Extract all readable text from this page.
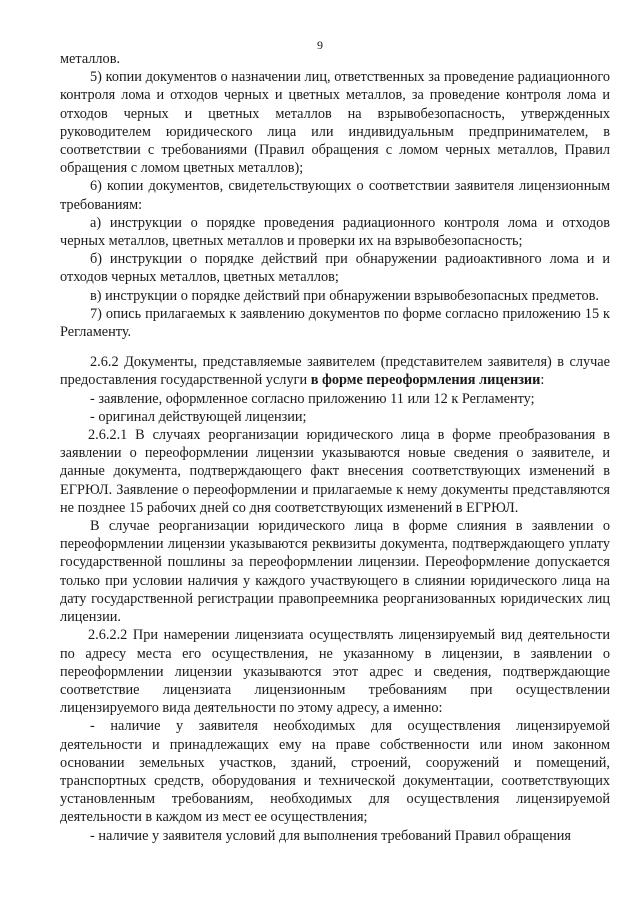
9

металлов.

5) копии документов о назначении лиц, ответственных за проведение радиационного контроля лома и отходов черных и цветных металлов, за проведение контроля лома и отходов черных и цветных металлов на взрывобезопасность, утвержденных руководителем юридического лица или индивидуальным предпринимателем, в соответствии с требованиями (Правил обращения с ломом черных металлов, Правил обращения с ломом цветных металлов);

6) копии документов, свидетельствующих о соответствии заявителя лицензионным требованиям:

а) инструкции о порядке проведения радиационного контроля лома и отходов черных металлов, цветных металлов и проверки их на взрывобезопасность;

б) инструкции о порядке действий при обнаружении радиоактивного лома и и отходов черных металлов, цветных металлов;

в) инструкции о порядке действий при обнаружении взрывобезопасных предметов.

7) опись прилагаемых к заявлению документов по форме согласно приложению 15 к Регламенту.

2.6.2 Документы, представляемые заявителем (представителем заявителя) в случае предоставления государственной услуги в форме переоформления лицензии:

- заявление, оформленное согласно приложению 11 или 12 к Регламенту;

- оригинал действующей лицензии;

2.6.2.1 В случаях реорганизации юридического лица в форме преобразования в заявлении о переоформлении лицензии указываются новые сведения о заявителе, и данные документа, подтверждающего факт внесения соответствующих изменений в ЕГРЮЛ. Заявление о переоформлении и прилагаемые к нему документы представляются не позднее 15 рабочих дней со дня соответствующих изменений в ЕГРЮЛ.

В случае реорганизации юридического лица в форме слияния в заявлении о переоформлении лицензии указываются реквизиты документа, подтверждающего уплату государственной пошлины за переоформлении лицензии. Переоформление допускается только при условии наличия у каждого участвующего в слиянии юридического лица на дату государственной регистрации правопреемника реорганизованных юридических лиц лицензии.

2.6.2.2 При намерении лицензиата осуществлять лицензируемый вид деятельности по адресу места его осуществления, не указанному в лицензии, в заявлении о переоформлении лицензии указываются этот адрес и сведения, подтверждающие соответствие лицензиата лицензионным требованиям при осуществлении лицензируемого вида деятельности по этому адресу, а именно:

- наличие у заявителя необходимых для осуществления лицензируемой деятельности и принадлежащих ему на праве собственности или ином законном основании земельных участков, зданий, строений, сооружений и помещений, транспортных средств, оборудования и технической документации, соответствующих установленным требованиям, необходимых для осуществления лицензируемой деятельности в каждом из мест ее осуществления;

- наличие у заявителя условий для выполнения требований Правил обращения
